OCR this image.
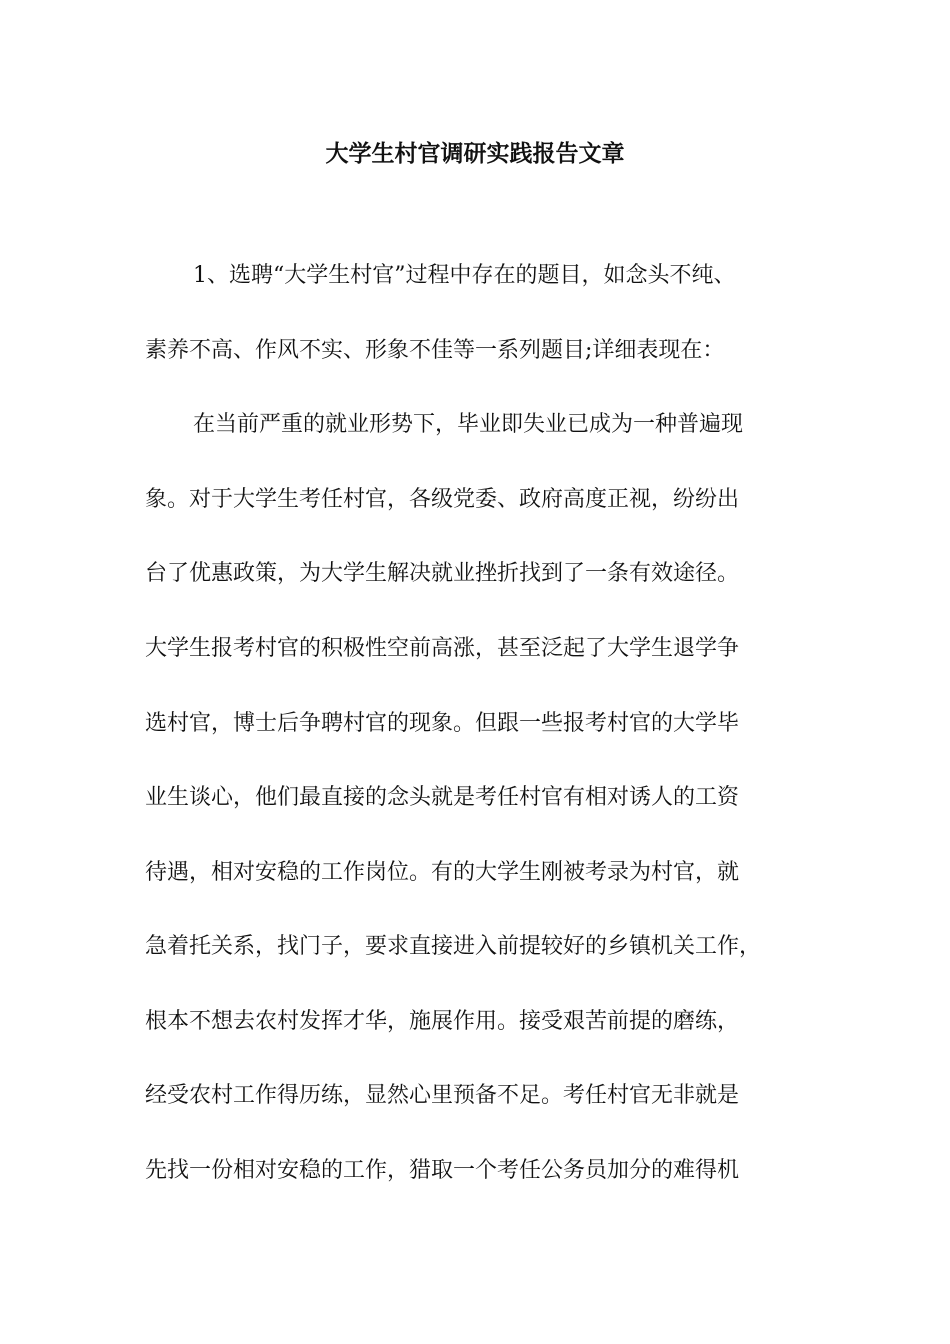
大学生村官调研实践报告文章

1、选聘“大学生村官”过程中存在的题目，如念头不纯、

素养不高、作风不实、形象不佳等一系列题目;详细表现在：

在当前严重的就业形势下，毕业即失业已成为一种普遍现

象。对于大学生考任村官，各级党委、政府高度正视，纷纷出

台了优惠政策，为大学生解决就业挫折找到了一条有效途径。

大学生报考村官的积极性空前高涨，甚至泛起了大学生退学争

选村官，博士后争聘村官的现象。但跟一些报考村官的大学毕

业生谈心，他们最直接的念头就是考任村官有相对诱人的工资

待遇，相对安稳的工作岗位。有的大学生刚被考录为村官，就

急着托关系，找门子，要求直接进入前提较好的乡镇机关工作，

根本不想去农村发挥才华，施展作用。接受艰苦前提的磨练，

经受农村工作得历练，显然心里预备不足。考任村官无非就是

先找一份相对安稳的工作，猎取一个考任公务员加分的难得机
